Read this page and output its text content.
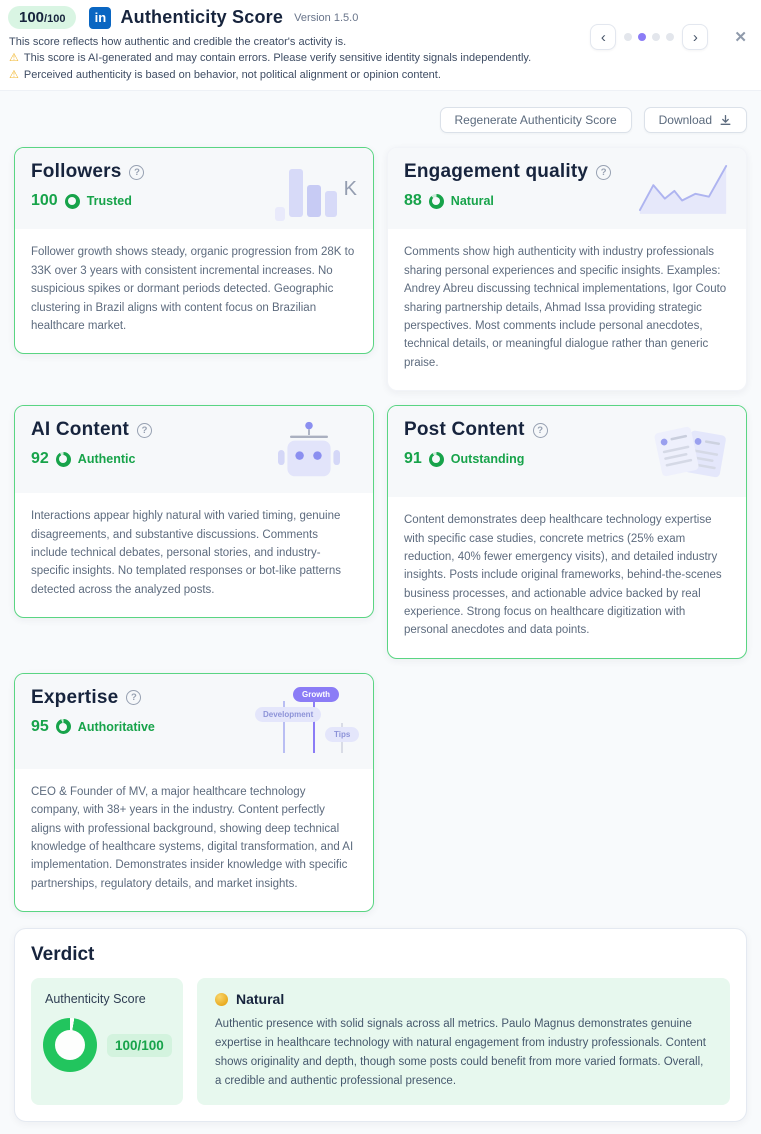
100 /100	in Authenticity Score Version 1.5.0
This score reflects how authentic and credible the creator's activity is.
⚠ This score is AI-generated and may contain errors. Please verify sensitive identity signals independently.
⚠ Perceived authenticity is based on behavior, not political alignment or opinion content.
‹	› ✕
Regenerate Authenticity Score	Download
Followers	?
100 Trusted
K
Follower growth shows steady, organic progression from 28K to 33K over 3 years with consistent incremental increases. No suspicious spikes or dormant periods detected. Geographic clustering in Brazil aligns with content focus on Brazilian healthcare market.
Engagement quality	?
88 Natural
Comments show high authenticity with industry professionals sharing personal experiences and specific insights. Examples: Andrey Abreu discussing technical implementations, Igor Couto sharing partnership details, Ahmad Issa providing strategic perspectives. Most comments include personal anecdotes, technical details, or meaningful dialogue rather than generic praise.
AI Content	?
92 Authentic
Interactions appear highly natural with varied timing, genuine disagreements, and substantive discussions. Comments include technical debates, personal stories, and industry-specific insights. No templated responses or bot-like patterns detected across the analyzed posts.
Post Content	?
91 Outstanding
Content demonstrates deep healthcare technology expertise with specific case studies, concrete metrics (25% exam reduction, 40% fewer emergency visits), and detailed industry insights. Posts include original frameworks, behind-the-scenes business processes, and actionable advice backed by real experience. Strong focus on healthcare digitization with personal anecdotes and data points.
Expertise	?
95 Authoritative
Growth
Development
Tips
CEO & Founder of MV, a major healthcare technology company, with 38+ years in the industry. Content perfectly aligns with professional background, showing deep technical knowledge of healthcare systems, digital transformation, and AI implementation. Demonstrates insider knowledge with specific partnerships, regulatory details, and market insights.
Verdict
Authenticity Score
100/100
Natural
Authentic presence with solid signals across all metrics. Paulo Magnus demonstrates genuine expertise in healthcare technology with natural engagement from industry professionals. Content shows originality and depth, though some posts could benefit from more varied formats. Overall, a credible and authentic professional presence.
